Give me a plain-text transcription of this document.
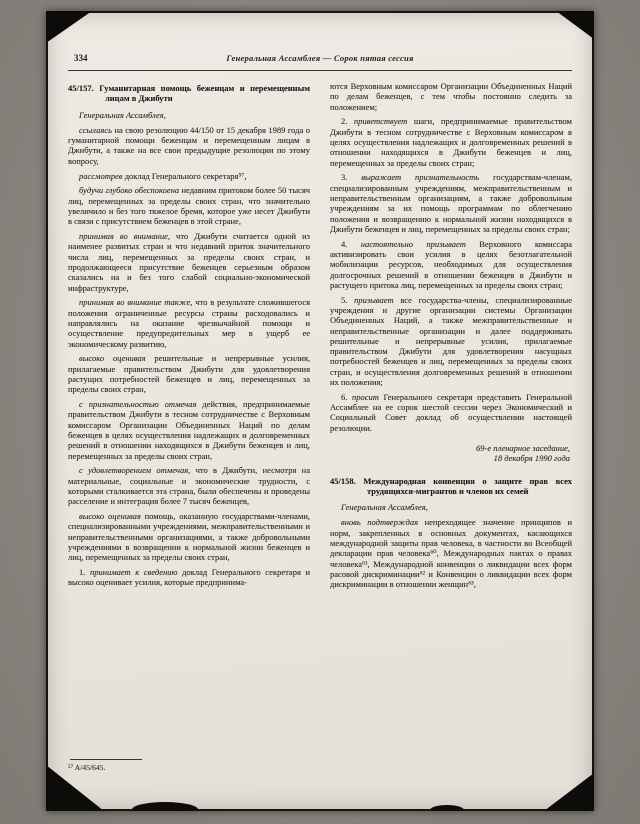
334	Генеральная Ассамблея — Сорок пятая сессия

45/157. Гуманитарная помощь беженцам и перемещенным лицам в Джибути

Генеральная Ассамблея,

ссылаясь на свою резолюцию 44/150 от 15 декабря 1989 года о гуманитарной помощи беженцам и перемещенным лицам в Джибути, а также на все свои предыдущие резолюции по этому вопросу,

рассмотрев доклад Генерального секретаря⁵⁷,

будучи глубоко обеспокоена недавним притоком более 50 тысяч лиц, перемещенных за пределы своих стран, что значительно увеличило и без того тяжелое бремя, которое уже несет Джибути в связи с присутствием беженцев в этой стране,

принимая во внимание, что Джибути считается одной из наименее развитых стран и что недавний приток значительного числа лиц, перемещенных за пределы своих стран, и продолжающееся присутствие беженцев серьезным образом сказались на и без того слабой социально-экономической инфраструктуре,

принимая во внимание также, что в результате сложившегося положения ограниченные ресурсы страны расходовались и направлялись на оказание чрезвычайной помощи и осуществление предупредительных мер в ущерб ее экономическому развитию,

высоко оценивая решительные и непрерывные усилия, прилагаемые правительством Джибути для удовлетворения растущих потребностей беженцев и лиц, перемещенных за пределы своих стран,

с признательностью отмечая действия, предпринимаемые правительством Джибути в тесном сотрудничестве с Верховным комиссаром Организации Объединенных Наций по делам беженцев в целях осуществления надлежащих и долговременных решений в отношении находящихся в Джибути беженцев и лиц, перемещенных за пределы своих стран,

с удовлетворением отмечая, что в Джибути, несмотря на материальные, социальные и экономические трудности, с которыми сталкивается эта страна, были обеспечены и проведены расселение и интеграция более 7 тысяч беженцев,

высоко оценивая помощь, оказанную государствами-членами, специализированными учреждениями, межправительственными и неправительственными организациями, а также добровольными учреждениями в возвращении к нормальной жизни беженцев и лиц, перемещенных за пределы своих стран,

1. принимает к сведению доклад Генерального секретаря и высоко оценивает усилия, которые предпринима-

⁵⁷ A/45/645.

ются Верховным комиссаром Организации Объединенных Наций по делам беженцев, с тем чтобы постоянно следить за положением;

2. приветствует шаги, предпринимаемые правительством Джибути в тесном сотрудничестве с Верховным комиссаром в целях осуществления надлежащих и долговременных решений в отношении находящихся в Джибути беженцев и лиц, перемещенных за пределы своих стран;

3. выражает признательность государствам-членам, специализированным учреждениям, межправительственным и неправительственным организациям, а также добровольным учреждениям за их помощь программам по облегчению положения и возвращению к нормальной жизни находящихся в Джибути беженцев и лиц, перемещенных за пределы своих стран;

4. настоятельно призывает Верховного комиссара активизировать свои усилия в целях безотлагательной мобилизации ресурсов, необходимых для осуществления долгосрочных решений в отношении беженцев в Джибути и растущего притока лиц, перемещенных за пределы своих стран;

5. призывает все государства-члены, специализированные учреждения и другие организации системы Организации Объединенных Наций, а также межправительственные и неправительственные организации и далее поддерживать решительные и непрерывные усилия, прилагаемые правительством Джибути для удовлетворения насущных потребностей беженцев и лиц, перемещенных за пределы своих стран, и осуществления долговременных решений в отношении их положения;

6. просит Генерального секретаря представить Генеральной Ассамблее на ее сорок шестой сессии через Экономический и Социальный Совет доклад об осуществлении настоящей резолюции.

69-е пленарное заседание,
18 декабря 1990 года

45/158. Международная конвенция о защите прав всех трудящихся-мигрантов и членов их семей

Генеральная Ассамблея,

вновь подтверждая непреходящее значение принципов и норм, закрепленных в основных документах, касающихся международной защиты прав человека, в частности во Всеобщей декларации прав человека⁶⁰, Международных пактах о правах человека⁶¹, Международной конвенции о ликвидации всех форм расовой дискриминации⁶² и Конвенции о ликвидации всех форм дискриминации в отношении женщин⁶³,
